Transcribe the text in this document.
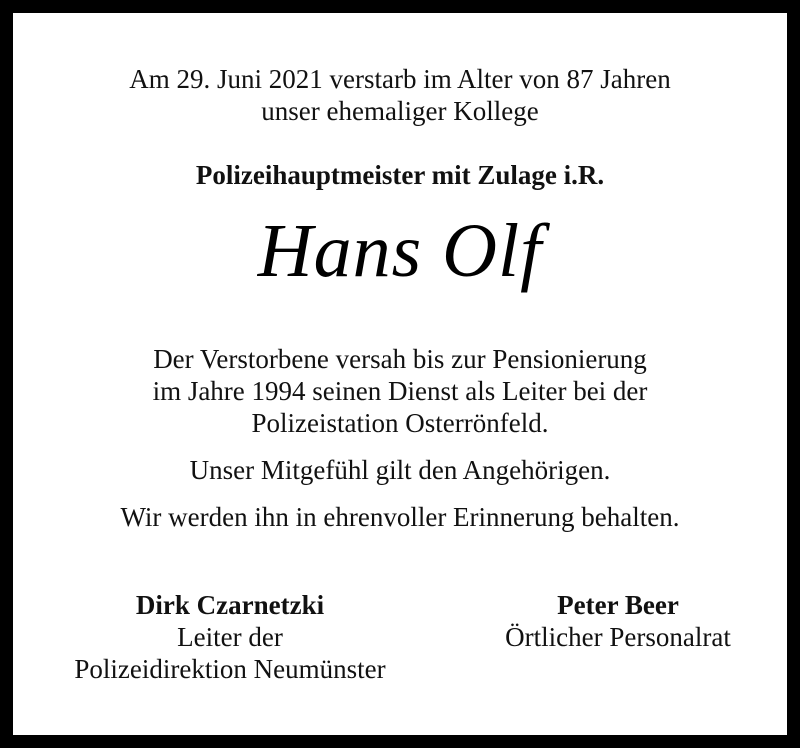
Am 29. Juni 2021 verstarb im Alter von 87 Jahren
unser ehemaliger Kollege
Polizeihauptmeister mit Zulage i.R.
Hans Olf
Der Verstorbene versah bis zur Pensionierung
im Jahre 1994 seinen Dienst als Leiter bei der
Polizeistation Osterrönfeld.
Unser Mitgefühl gilt den Angehörigen.
Wir werden ihn in ehrenvoller Erinnerung behalten.
Dirk Czarnetzki
Leiter der
Polizeidirektion Neumünster
Peter Beer
Örtlicher Personalrat
